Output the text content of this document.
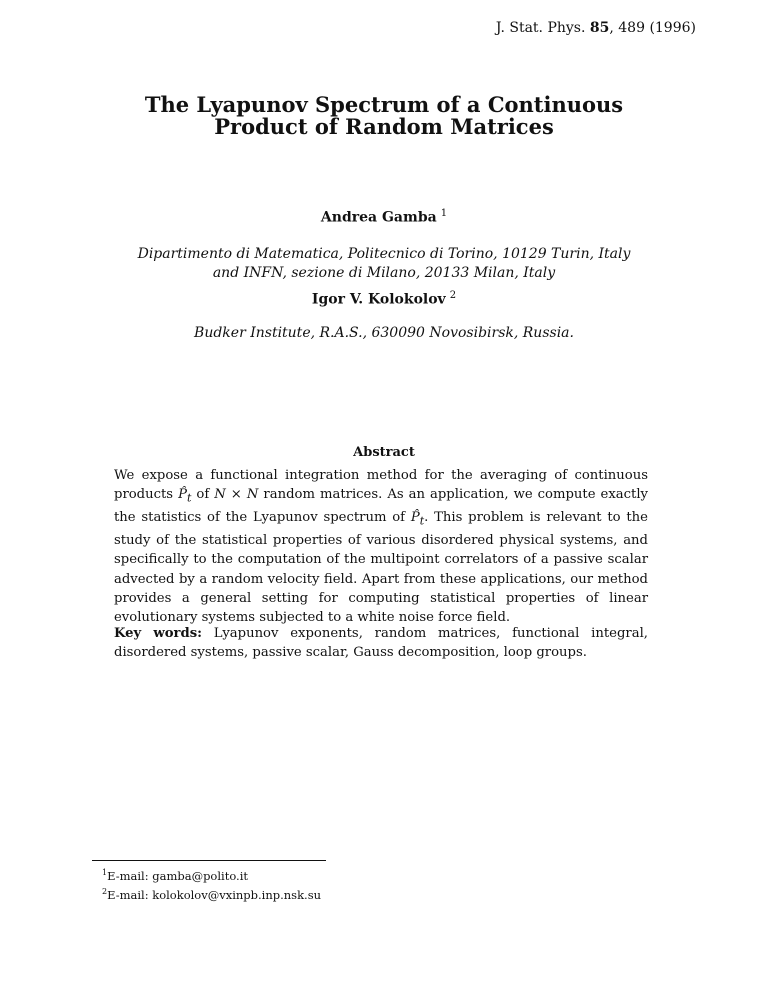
J. Stat. Phys. 85, 489 (1996)
The Lyapunov Spectrum of a Continuous
Product of Random Matrices
Andrea Gamba $^1$
Dipartimento di Matematica, Politecnico di Torino, 10129 Turin, Italy
and INFN, sezione di Milano, 20133 Milan, Italy
Igor V. Kolokolov $^2$
Budker Institute, R.A.S., 630090 Novosibirsk, Russia.
Abstract
We expose a functional integration method for the averaging of continuous products $P̂_t$ of N × N random matrices. As an application, we compute exactly the statistics of the Lyapunov spectrum of $P̂_t$. This problem is relevant to the study of the statistical properties of various disordered physical systems, and specifically to the computation of the multipoint correlators of a passive scalar advected by a random velocity field. Apart from these applications, our method provides a general setting for computing statistical properties of linear evolutionary systems subjected to a white noise force field.
Key words: Lyapunov exponents, random matrices, functional integral, disordered systems, passive scalar, Gauss decomposition, loop groups.
$^1$E-mail: gamba@polito.it
$^2$E-mail: kolokolov@vxinpb.inp.nsk.su
